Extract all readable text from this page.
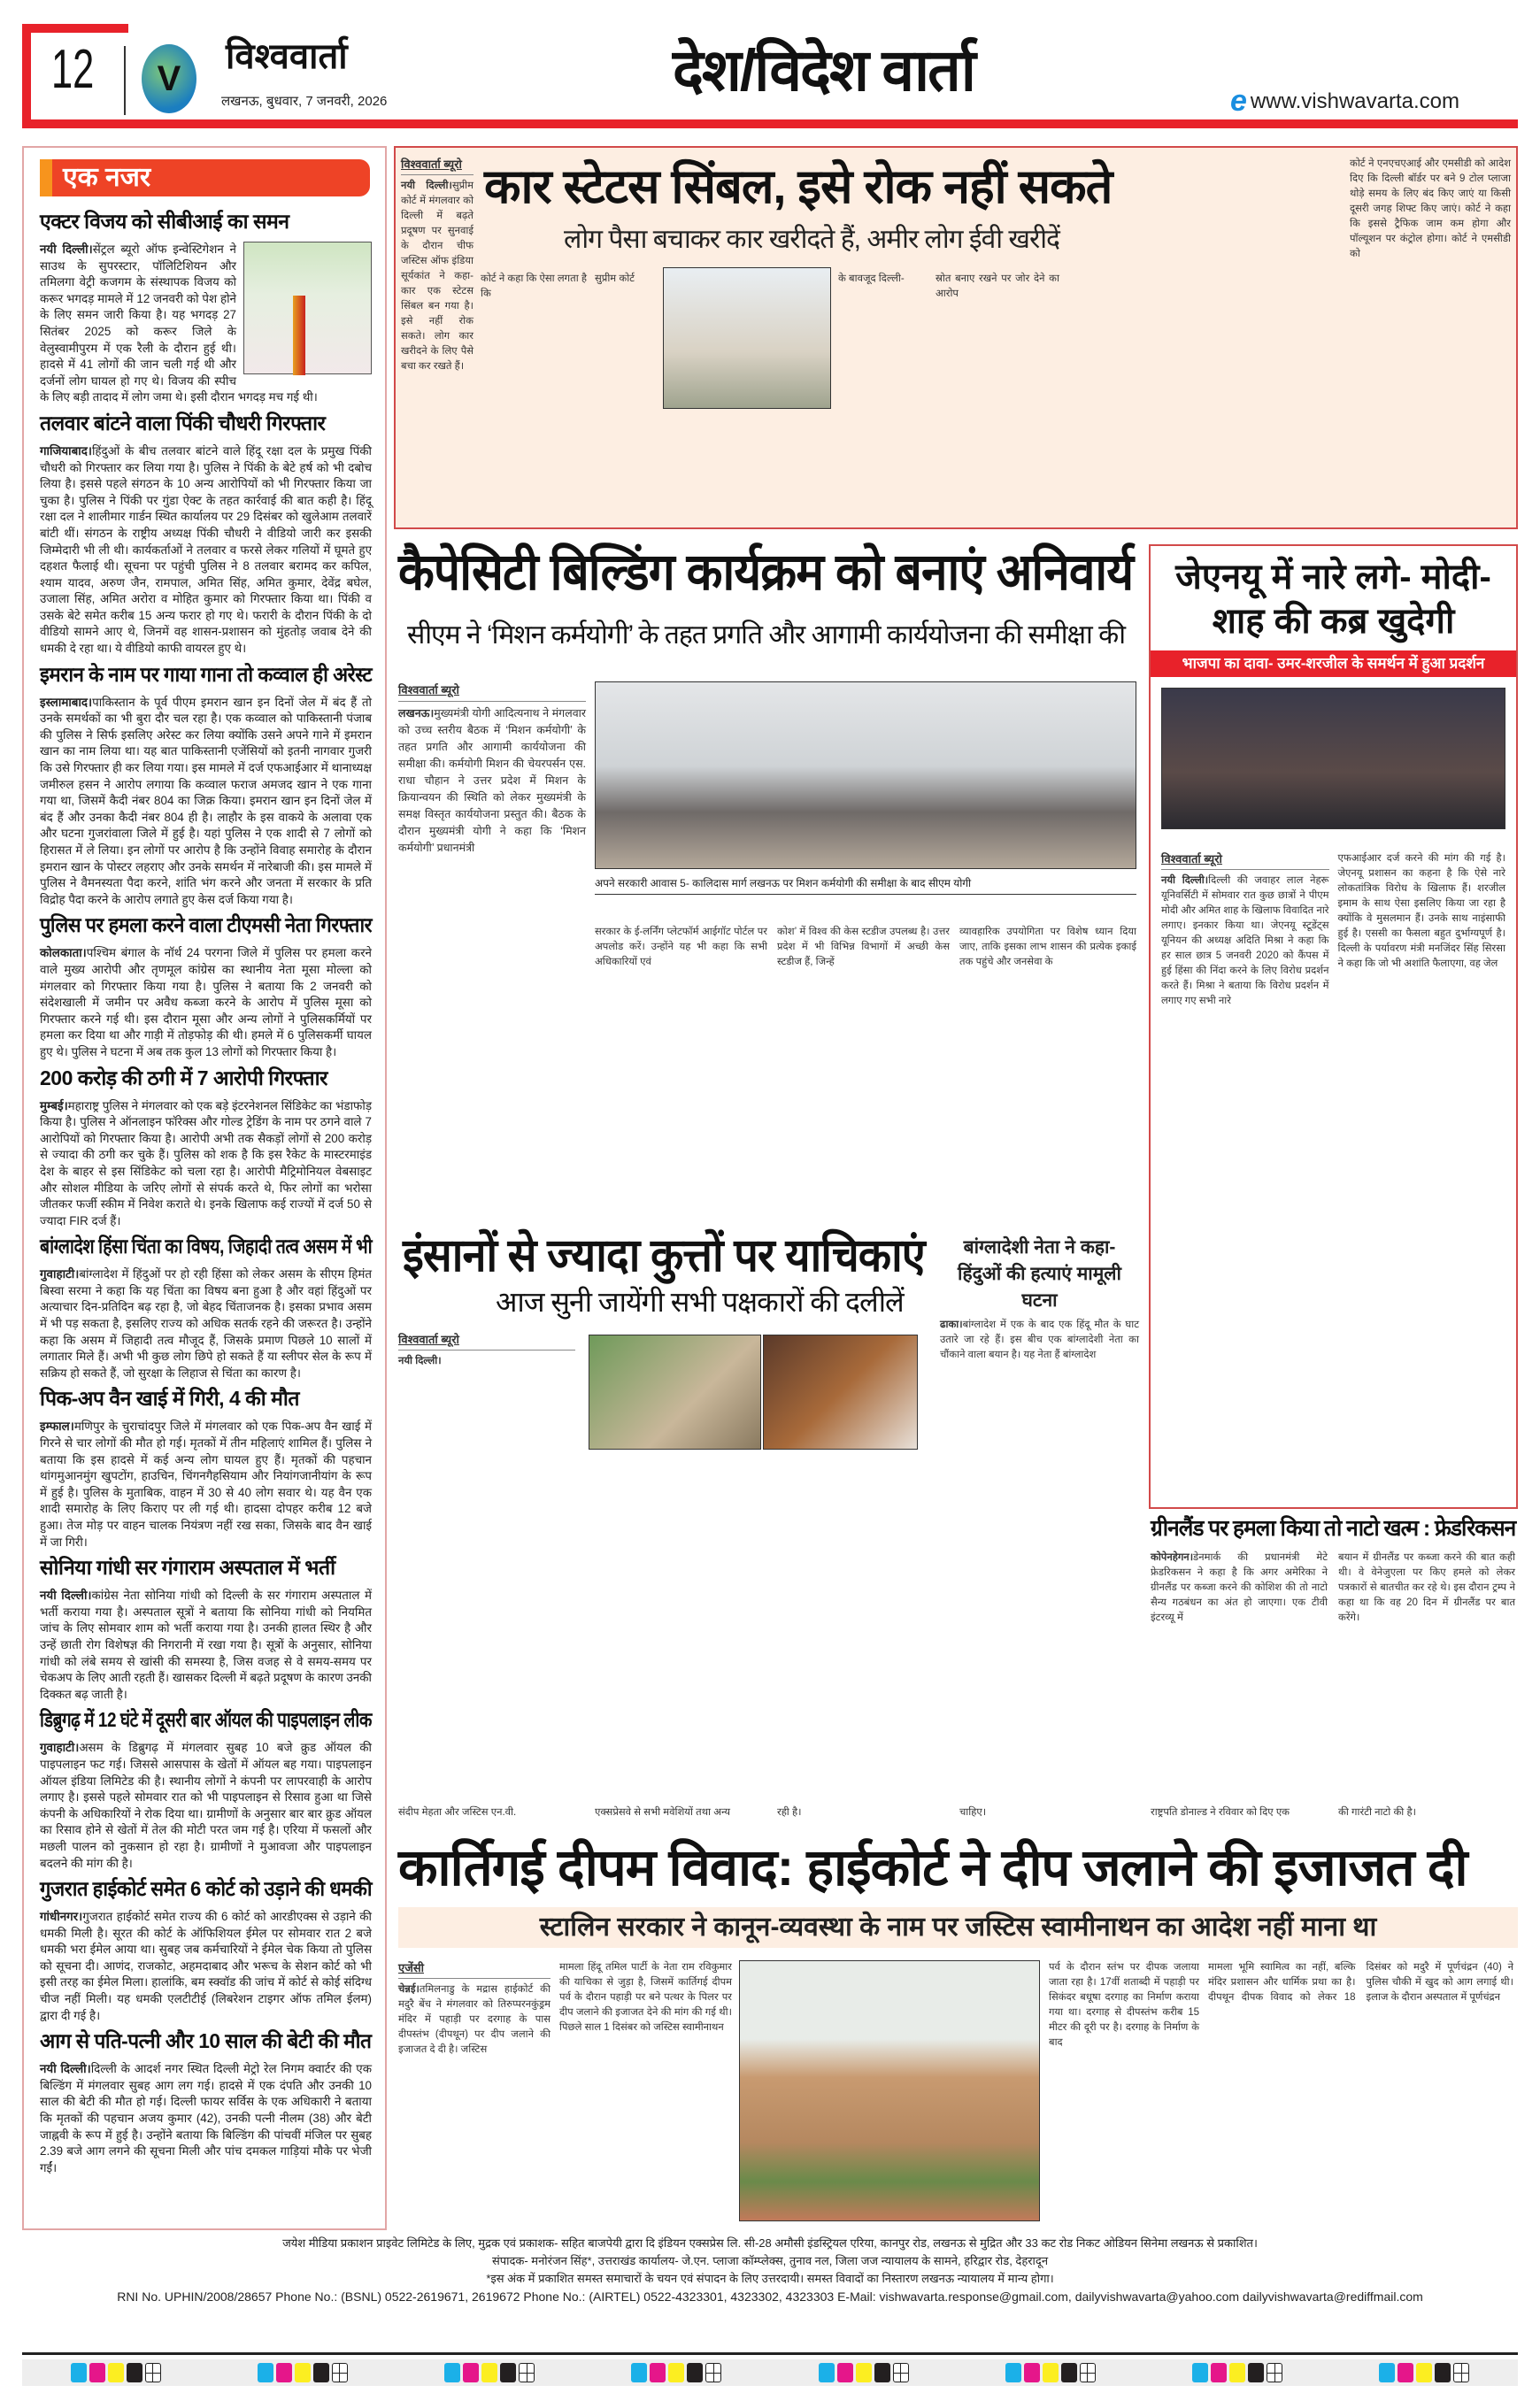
12	V
विश्ववार्ता
लखनऊ, बुधवार, 7 जनवरी, 2026	देश/विदेश वार्ता	e www.vishwavarta.com
एक नजर
एक्टर विजय को सीबीआई का समन

नयी दिल्ली।सेंट्रल ब्यूरो ऑफ इन्वेस्टिगेशन ने साउथ के सुपरस्टार, पॉलिटिशियन और तमिलगा वेट्री कजगम के संस्थापक विजय को करूर भगदड़ मामले में 12 जनवरी को पेश होने के लिए समन जारी किया है। यह भगदड़ 27 सितंबर 2025 को करूर जिले के वेलुस्वामीपुरम में एक रैली के दौरान हुई थी। हादसे में 41 लोगों की जान चली गई थी और दर्जनों लोग घायल हो गए थे। विजय की स्पीच के लिए बड़ी तादाद में लोग जमा थे। इसी दौरान भगदड़ मच गई थी।

तलवार बांटने वाला पिंकी चौधरी गिरफ्तार

गाजियाबाद।हिंदुओं के बीच तलवार बांटने वाले हिंदू रक्षा दल के प्रमुख पिंकी चौधरी को गिरफ्तार कर लिया गया है। पुलिस ने पिंकी के बेटे हर्ष को भी दबोच लिया है। इससे पहले संगठन के 10 अन्य आरोपियों को भी गिरफ्तार किया जा चुका है। पुलिस ने पिंकी पर गुंडा ऐक्ट के तहत कार्रवाई की बात कही है। हिंदू रक्षा दल ने शालीमार गार्डन स्थित कार्यालय पर 29 दिसंबर को खुलेआम तलवारें बांटी थीं। संगठन के राष्ट्रीय अध्यक्ष पिंकी चौधरी ने वीडियो जारी कर इसकी जिम्मेदारी भी ली थी। कार्यकर्ताओं ने तलवार व फरसे लेकर गलियों में घूमते हुए दहशत फैलाई थी। सूचना पर पहुंची पुलिस ने 8 तलवार बरामद कर कपिल, श्याम यादव, अरुण जैन, रामपाल, अमित सिंह, अमित कुमार, देवेंद्र बघेल, उजाला सिंह, अमित अरोरा व मोहित कुमार को गिरफ्तार किया था। पिंकी व उसके बेटे समेत करीब 15 अन्य फरार हो गए थे। फरारी के दौरान पिंकी के दो वीडियो सामने आए थे, जिनमें वह शासन-प्रशासन को मुंहतोड़ जवाब देने की धमकी दे रहा था। ये वीडियो काफी वायरल हुए थे।

इमरान के नाम पर गाया गाना तो कव्वाल ही अरेस्ट

इस्लामाबाद।पाकिस्तान के पूर्व पीएम इमरान खान इन दिनों जेल में बंद हैं तो उनके समर्थकों का भी बुरा दौर चल रहा है। एक कव्वाल को पाकिस्तानी पंजाब की पुलिस ने सिर्फ इसलिए अरेस्ट कर लिया क्योंकि उसने अपने गाने में इमरान खान का नाम लिया था। यह बात पाकिस्तानी एजेंसियों को इतनी नागवार गुजरी कि उसे गिरफ्तार ही कर लिया गया। इस मामले में दर्ज एफआईआर में थानाध्यक्ष जमीरुल हसन ने आरोप लगाया कि कव्वाल फराज अमजद खान ने एक गाना गया था, जिसमें कैदी नंबर 804 का जिक्र किया। इमरान खान इन दिनों जेल में बंद हैं और उनका कैदी नंबर 804 ही है। लाहौर के इस वाकये के अलावा एक और घटना गुजरांवाला जिले में हुई है। यहां पुलिस ने एक शादी से 7 लोगों को हिरासत में ले लिया। इन लोगों पर आरोप है कि उन्होंने विवाह समारोह के दौरान इमरान खान के पोस्टर लहराए और उनके समर्थन में नारेबाजी की। इस मामले में पुलिस ने वैमनस्यता पैदा करने, शांति भंग करने और जनता में सरकार के प्रति विद्रोह पैदा करने के आरोप लगाते हुए केस दर्ज किया गया है।

पुलिस पर हमला करने वाला टीएमसी नेता गिरफ्तार

कोलकाता।पश्चिम बंगाल के नॉर्थ 24 परगना जिले में पुलिस पर हमला करने वाले मुख्य आरोपी और तृणमूल कांग्रेस का स्थानीय नेता मूसा मोल्ला को मंगलवार को गिरफ्तार किया गया है। पुलिस ने बताया कि 2 जनवरी को संदेशखाली में जमीन पर अवैध कब्जा करने के आरोप में पुलिस मूसा को गिरफ्तार करने गई थी। इस दौरान मूसा और अन्य लोगों ने पुलिसकर्मियों पर हमला कर दिया था और गाड़ी में तोड़फोड़ की थी। हमले में 6 पुलिसकर्मी घायल हुए थे। पुलिस ने घटना में अब तक कुल 13 लोगों को गिरफ्तार किया है।

200 करोड़ की ठगी में 7 आरोपी गिरफ्तार

मुम्बई।महाराष्ट्र पुलिस ने मंगलवार को एक बड़े इंटरनेशनल सिंडिकेट का भंडाफोड़ किया है। पुलिस ने ऑनलाइन फॉरेक्स और गोल्ड ट्रेडिंग के नाम पर ठगने वाले 7 आरोपियों को गिरफ्तार किया है। आरोपी अभी तक सैकड़ों लोगों से 200 करोड़ से ज्यादा की ठगी कर चुके हैं। पुलिस को शक है कि इस रैकेट के मास्टरमाइंड देश के बाहर से इस सिंडिकेट को चला रहा है। आरोपी मैट्रिमोनियल वेबसाइट और सोशल मीडिया के जरिए लोगों से संपर्क करते थे, फिर लोगों का भरोसा जीतकर फर्जी स्कीम में निवेश कराते थे। इनके खिलाफ कई राज्यों में दर्ज 50 से ज्यादा FIR दर्ज हैं।

बांग्लादेश हिंसा चिंता का विषय, जिहादी तत्व असम में भी

गुवाहाटी।बांग्लादेश में हिंदुओं पर हो रही हिंसा को लेकर असम के सीएम हिमंत बिस्वा सरमा ने कहा कि यह चिंता का विषय बना हुआ है और वहां हिंदुओं पर अत्याचार दिन-प्रतिदिन बढ़ रहा है, जो बेहद चिंताजनक है। इसका प्रभाव असम में भी पड़ सकता है, इसलिए राज्य को अधिक सतर्क रहने की जरूरत है। उन्होंने कहा कि असम में जिहादी तत्व मौजूद हैं, जिसके प्रमाण पिछले 10 सालों में लगातार मिले हैं। अभी भी कुछ लोग छिपे हो सकते हैं या स्लीपर सेल के रूप में सक्रिय हो सकते हैं, जो सुरक्षा के लिहाज से चिंता का कारण है।

पिक-अप वैन खाई में गिरी, 4 की मौत

इम्फाल।मणिपुर के चुराचांदपुर जिले में मंगलवार को एक पिक-अप वैन खाई में गिरने से चार लोगों की मौत हो गई। मृतकों में तीन महिलाएं शामिल हैं। पुलिस ने बताया कि इस हादसे में कई अन्य लोग घायल हुए हैं। मृतकों की पहचान थांगमुआनमुंग खुपटोंग, हाउचिन, चिंगनगैहसियाम और नियांगजानीयांग के रूप में हुई है। पुलिस के मुताबिक, वाहन में 30 से 40 लोग सवार थे। यह वैन एक शादी समारोह के लिए किराए पर ली गई थी। हादसा दोपहर करीब 12 बजे हुआ। तेज मोड़ पर वाहन चालक नियंत्रण नहीं रख सका, जिसके बाद वैन खाई में जा गिरी।

सोनिया गांधी सर गंगाराम अस्पताल में भर्ती

नयी दिल्ली।कांग्रेस नेता सोनिया गांधी को दिल्ली के सर गंगाराम अस्पताल में भर्ती कराया गया है। अस्पताल सूत्रों ने बताया कि सोनिया गांधी को नियमित जांच के लिए सोमवार शाम को भर्ती कराया गया है। उनकी हालत स्थिर है और उन्हें छाती रोग विशेषज्ञ की निगरानी में रखा गया है। सूत्रों के अनुसार, सोनिया गांधी को लंबे समय से खांसी की समस्या है, जिस वजह से वे समय-समय पर चेकअप के लिए आती रहती हैं। खासकर दिल्ली में बढ़ते प्रदूषण के कारण उनकी दिक्कत बढ़ जाती है।

डिब्रुगढ़ में 12 घंटे में दूसरी बार ऑयल की पाइपलाइन लीक

गुवाहाटी।असम के डिब्रुगढ़ में मंगलवार सुबह 10 बजे क्रुड ऑयल की पाइपलाइन फट गई। जिससे आसपास के खेतों में ऑयल बह गया। पाइपलाइन ऑयल इंडिया लिमिटेड की है। स्थानीय लोगों ने कंपनी पर लापरवाही के आरोप लगाए है। इससे पहले सोमवार रात को भी पाइपलाइन से रिसाव हुआ था जिसे कंपनी के अधिकारियों ने रोक दिया था। ग्रामीणों के अनुसार बार बार क्रुड ऑयल का रिसाव होने से खेतों में तेल की मोटी परत जम गई है। एरिया में फसलों और मछली पालन को नुकसान हो रहा है। ग्रामीणों ने मुआवजा और पाइपलाइन बदलने की मांग की है।

गुजरात हाईकोर्ट समेत 6 कोर्ट को उड़ाने की धमकी

गांधीनगर।गुजरात हाईकोर्ट समेत राज्य की 6 कोर्ट को आरडीएक्स से उड़ाने की धमकी मिली है। सूरत की कोर्ट के ऑफिशियल ईमेल पर सोमवार रात 2 बजे धमकी भरा ईमेल आया था। सुबह जब कर्मचारियों ने ईमेल चेक किया तो पुलिस को सूचना दी। आणंद, राजकोट, अहमदाबाद और भरूच के सेशन कोर्ट को भी इसी तरह का ईमेल मिला। हालांकि, बम स्क्वॉड की जांच में कोर्ट से कोई संदिग्ध चीज नहीं मिली। यह धमकी एलटीटीई (लिबरेशन टाइगर ऑफ तमिल ईलम) द्वारा दी गई है।

आग से पति-पत्नी और 10 साल की बेटी की मौत

नयी दिल्ली।दिल्ली के आदर्श नगर स्थित दिल्ली मेट्रो रेल निगम क्वार्टर की एक बिल्डिंग में मंगलवार सुबह आग लग गई। हादसे में एक दंपति और उनकी 10 साल की बेटी की मौत हो गई। दिल्ली फायर सर्विस के एक अधिकारी ने बताया कि मृतकों की पहचान अजय कुमार (42), उनकी पत्नी नीलम (38) और बेटी जाह्नवी के रूप में हुई है। उन्होंने बताया कि बिल्डिंग की पांचवीं मंजिल पर सुबह 2.39 बजे आग लगने की सूचना मिली और पांच दमकल गाड़ियां मौके पर भेजी गईं।

विश्ववार्ता ब्यूरो
नयी दिल्ली।सुप्रीम कोर्ट में मंगलवार को दिल्ली में बढ़ते प्रदूषण पर सुनवाई के दौरान चीफ जस्टिस ऑफ इंडिया सूर्यकांत ने कहा- कार एक स्टेटस सिंबल बन गया है। इसे नहीं रोक सकते। लोग कार खरीदने के लिए पैसे बचा कर रखते हैं।
कार स्टेटस सिंबल, इसे रोक नहीं सकते
लोग पैसा बचाकर कार खरीदते हैं, अमीर लोग ईवी खरीदें
कोर्ट ने कहा कि ऐसा लगता है कि
सुप्रीम कोर्ट	के बावजूद दिल्ली-	स्रोत बनाए रखने पर जोर देने का आरोप
कोर्ट ने एनएचएआई और एमसीडी को आदेश दिए कि दिल्ली बॉर्डर पर बने 9 टोल प्लाजा थोड़े समय के लिए बंद किए जाएं या किसी दूसरी जगह शिफ्ट किए जाएं। कोर्ट ने कहा कि इससे ट्रैफिक जाम कम होगा और पॉल्यूशन पर कंट्रोल होगा। कोर्ट ने एमसीडी को
कैपेसिटी बिल्डिंग कार्यक्रम को बनाएं अनिवार्य
सीएम ने ‘मिशन कर्मयोगी’ के तहत प्रगति और आगामी कार्ययोजना की समीक्षा की
विश्ववार्ता ब्यूरो
लखनऊ।मुख्यमंत्री योगी आदित्यनाथ ने मंगलवार को उच्च स्तरीय बैठक में ‘मिशन कर्मयोगी’ के तहत प्रगति और आगामी कार्ययोजना की समीक्षा की। कर्मयोगी मिशन की चेयरपर्सन एस. राधा चौहान ने उत्तर प्रदेश में मिशन के क्रियान्वयन की स्थिति को लेकर मुख्यमंत्री के समक्ष विस्तृत कार्ययोजना प्रस्तुत की। बैठक के दौरान मुख्यमंत्री योगी ने कहा कि ‘मिशन कर्मयोगी’ प्रधानमंत्री
अपने सरकारी आवास 5- कालिदास मार्ग लखनऊ पर मिशन कर्मयोगी की समीक्षा के बाद सीएम योगी
सरकार के ई-लर्निंग प्लेटफॉर्म आईगॉट पोर्टल पर अपलोड करें। उन्होंने यह भी कहा कि सभी अधिकारियों एवं
कोश’ में विश्व की केस स्टडीज उपलब्ध है। उत्तर प्रदेश में भी विभिन्न विभागों में अच्छी केस स्टडीज हैं, जिन्हें
व्यावहारिक उपयोगिता पर विशेष ध्यान दिया जाए, ताकि इसका लाभ शासन की प्रत्येक इकाई तक पहुंचे और जनसेवा के
जेएनयू में नारे लगे- मोदी-शाह की कब्र खुदेगी
भाजपा का दावा- उमर-शरजील के समर्थन में हुआ प्रदर्शन
विश्ववार्ता ब्यूरो
नयी दिल्ली।दिल्ली की जवाहर लाल नेहरू यूनिवर्सिटी में सोमवार रात कुछ छात्रों ने पीएम मोदी और अमित शाह के खिलाफ विवादित नारे लगाए। इनकार किया था। जेएनयू स्टूडेंट्स यूनियन की अध्यक्ष अदिति मिश्रा ने कहा कि हर साल छात्र 5 जनवरी 2020 को कैंपस में हुई हिंसा की निंदा करने के लिए विरोध प्रदर्शन करते हैं। मिश्रा ने बताया कि विरोध प्रदर्शन में लगाए गए सभी नारे
एफआईआर दर्ज करने की मांग की गई है। जेएनयू प्रशासन का कहना है कि ऐसे नारे लोकतांत्रिक विरोध के खिलाफ हैं। शरजील इमाम के साथ ऐसा इसलिए किया जा रहा है क्योंकि वे मुसलमान हैं। उनके साथ नाइंसाफी हुई है। एससी का फैसला बहुत दुर्भाग्यपूर्ण है। दिल्ली के पर्यावरण मंत्री मनजिंदर सिंह सिरसा ने कहा कि जो भी अशांति फैलाएगा, वह जेल
इंसानों से ज्यादा कुत्तों पर याचिकाएं
आज सुनी जायेंगी सभी पक्षकारों की दलीलें
विश्ववार्ता ब्यूरो
नयी दिल्ली।
संदीप मेहता और जस्टिस एन.वी.	एक्सप्रेसवे से सभी मवेशियों तथा अन्य	रही है।	चाहिए।
बांग्लादेशी नेता ने कहा- हिंदुओं की हत्याएं मामूली घटना
ढाका।बांग्लादेश में एक के बाद एक हिंदू मौत के घाट उतारे जा रहे हैं। इस बीच एक बांग्लादेशी नेता का चौंकाने वाला बयान है। यह नेता हैं बांग्लादेश
ग्रीनलैंड पर हमला किया तो नाटो खत्म : फ्रेडरिकसन
कोपेनहेगन।डेनमार्क की प्रधानमंत्री मेटे फ्रेडरिकसन ने कहा है कि अगर अमेरिका ने ग्रीनलैंड पर कब्जा करने की कोशिश की तो नाटो सैन्य गठबंधन का अंत हो जाएगा। एक टीवी इंटरव्यू में
बयान में ग्रीनलैंड पर कब्जा करने की बात कही थी। वे वेनेजुएला पर किए हमले को लेकर पत्रकारों से बातचीत कर रहे थे। इस दौरान ट्रम्प ने कहा था कि वह 20 दिन में ग्रीनलैंड पर बात करेंगे।
राष्ट्रपति डोनाल्ड ने रविवार को दिए एक	की गारंटी नाटो की है।
कार्तिगई दीपम विवाद: हाईकोर्ट ने दीप जलाने की इजाजत दी
स्टालिन सरकार ने कानून-व्यवस्था के नाम पर जस्टिस स्वामीनाथन का आदेश नहीं माना था
एजेंसी
चेन्नई।तमिलनाडु के मद्रास हाईकोर्ट की मदुरै बेंच ने मंगलवार को तिरुप्परनकुंड्रम मंदिर में पहाड़ी पर दरगाह के पास दीपस्तंभ (दीपथून) पर दीप जलाने की इजाजत दे दी है। जस्टिस
मामला हिंदू तमिल पार्टी के नेता राम रविकुमार की याचिका से जुड़ा है, जिसमें कार्तिगई दीपम पर्व के दौरान पहाड़ी पर बने पत्थर के पिलर पर दीप जलाने की इजाजत देने की मांग की गई थी। पिछले साल 1 दिसंबर को जस्टिस स्वामीनाथन
पर्व के दौरान स्तंभ पर दीपक जलाया जाता रहा है। 17वीं शताब्दी में पहाड़ी पर सिकंदर बधूषा दरगाह का निर्माण कराया गया था। दरगाह से दीपस्तंभ करीब 15 मीटर की दूरी पर है। दरगाह के निर्माण के बाद
मामला भूमि स्वामित्व का नहीं, बल्कि मंदिर प्रशासन और धार्मिक प्रथा का है। दीपथून दीपक विवाद को लेकर 18 दिसंबर को मदुरै में पूर्णचंद्रन (40) ने पुलिस चौकी में खुद को आग लगाई थी। इलाज के दौरान अस्पताल में पूर्णचंद्रन
जयेश मीडिया प्रकाशन प्राइवेट लिमिटेड के लिए, मुद्रक एवं प्रकाशक- सहित बाजपेयी द्वारा दि इंडियन एक्सप्रेस लि. सी-28 अमौसी इंडस्ट्रियल एरिया, कानपुर रोड, लखनऊ से मुद्रित और 33 कट रोड निकट ओडियन सिनेमा लखनऊ से प्रकाशित।
संपादक- मनोरंजन सिंह*, उत्तराखंड कार्यालय- जे.एन. प्लाजा कॉम्प्लेक्स, तुनाव नल, जिला जज न्यायालय के सामने, हरिद्वार रोड, देहरादून
*इस अंक में प्रकाशित समस्त समाचारों के चयन एवं संपादन के लिए उत्तरदायी। समस्त विवादों का निस्तारण लखनऊ न्यायालय में मान्य होगा।
RNI No. UPHIN/2008/28657 Phone No.: (BSNL) 0522-2619671, 2619672 Phone No.: (AIRTEL) 0522-4323301, 4323302, 4323303 E-Mail: vishwavarta.response@gmail.com, dailyvishwavarta@yahoo.com dailyvishwavarta@rediffmail.com
